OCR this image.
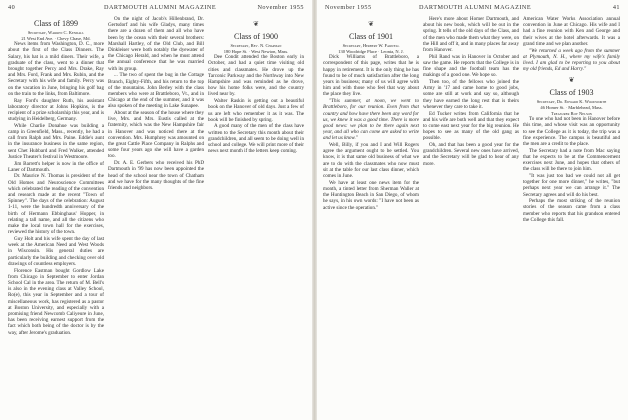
40	DARTMOUTH ALUMNI MAGAZINE	November 1955
Class of 1899
Secretary, Warren C. Kendall
21 West End Ave. · Chevy Chase, Md.

News items from Washington, D. C., more about the first of the Class Dinners. The Salary, his hat is a mild diners. Their wife, a graduate of the class, went to a dinner that brought together Percy and Mrs. Drake, Ray and Mrs. Ford, Frank and Mrs. Rubin, and the Secretary with his wife and family. Percy was on the vacation in June, bringing his golf bag on the train to the links, from Baltimore.

Ray Ford's daughter Ruth, his assistant laboratory director at Johns Hopkins, is the recipient of a prize scholarship this year, and is studying in Heidelberg, Germany.

While Charlie Donahue was building a camp in Greenfield, Mass., recently, he had a call from Ralph and Mrs. Paine. Eddie's aunt in the insurance business in the same region, sent Chet Hubbard and Fred Walker, attended Justice Theater's festival in Westmoore.

Jim Barrett's helper is now in the office of Laner of Dartmouth.

Dr. Maurice N. Thomas is president of the Old Homes and Neuroscience Committees which celebrated the reading of the convention and research made at the recent "Town of Spinney". The days of the celebration: August 1-11, were the hundredth anniversary of the birth of Hermann Ebbinghaus' Hopper, in relating a tall name, and all the citizens who make the local town hall for the exercises, reviewed the history of the town.

Guy Holt and his wife spent the day of last week at the American Need and West Woods in Wisconsin. His general duties are particularly the building and checking over old drawings of countless employers.

Florence Eastman bought Gordlow Lake from Chicago in September to enter Jordan School Cal in the area. The return of M. Bell's is also in the evening class at Valley School, Ro(e), this year in September and a tour of miscellaneous work, has registered as a pastor at Boston University, and especially with a promising friend Newcomb Caliyeure in June, has been receiving earnest support from the fact which both being of the doctor is by the way, after Jerome's graduation.

On the night of Jacob's Hillenbrand, Dr. Gertsdorf and his wife Gladys, many times there are a dozen of them and all who have been by the ocean with their several brothers: Marshall Hartley, of the Old Club, and Bill Dinkleiser were both notably the dyewater of the Chicago Herald, and when he must attend the annual conference that he was married with its group.

... The two of spent the bug in the Cottage Branch, Eighty-Fifth, and his return to the top of the mountains. John Berley with the class members who were at Brattleboro, Vt., and in Chicago at the end of the summer, and it was also spoken of the meeting in Lake Sunapee.

About at the season of the house where they live, Mrs. and Mrs. Eustis called at the fraternity, which was the New Hampshire fair in Hanover and was noticed there at the convention. Mrs. Humphrey was amounted on the great Cattle Place Company in Ralphs and some four years ago she will have a garden too.

Dr. A. E. Gerbers who received his PhD Dartmouth in '99 has now been appointed the head of the school near the town of Chatham and we have for the many thoughts of the fine friends and neighbors.

❦
Class of 1900
Secretary, Rev. N. Chapman
180 Hope St. · West Newton, Mass.

Dee Condit attended the Boston early in October, and had a quiet time visiting old cities and classmates. He drove up the Tarconic Parkway and the Northway into New Hampshire and was reminded as he drove, how his home folks were, and the country lived near by.

Walter Raskin is getting out a beautiful book on the Hanover of old days. Just a few of us are left who remember it as it was. The book will be finished by spring.

A good many of the men of the class have written to the Secretary this month about their grandchildren, and all seem to be doing well in school and college. We will print more of their news next month if the letters keep coming.

November 1955	DARTMOUTH ALUMNI MAGAZINE	41
❦
Class of 1901
Secretary, Herbert W. Farwell
130 Woodridge Place · Leonia, N. J.

Dick Williams of Brattleboro, a correspondent of this page, writes that he is happy in retirement. It is the only thing he has found to be of much satisfaction after the long years in business; many of us will agree with him and with those who feel that way about the place they live.

"This summer, at noon, we went to Brattleboro, for our reunion. Even from that country and how have there been any word for us, we knew it was a good time. There is more good news: we plan to be there again next year, and all who can come are asked to write and let us know."

Well, Billy, if you and I and Will Rogers agree the argument ought to be settled. You know, it is that same old business of what we are to do with the classmates who now must sit at the table for our last class dinner, which comes in June.

We have at least one news item for the month, a tinted letter from Sherman Waller at the Huntington Beach in San Diego, of whom he says, in his own words: "I have not been as active since the operation."

Here's more about Homer Dartmouth, and about his new book, which will be out in the spring. It tells of the old days of the Class, and of the men who made them what they were, on the Hill and off it, and in many places far away from Hanover.

Phil Rand was in Hanover in October and saw the game. He reports that the College is in fine shape and the football team has the makings of a good one. We hope so.

Then too, of the fellows who joined the Army in '17 and came home to good jobs, some are still at work and say so, although they have earned the long rest that is theirs whenever they care to take it.

Ed Tucker writes from California that he and his wife are both well and that they expect to come east next year for the big reunion. He hopes to see as many of the old gang as possible.

Oh, and that has been a good year for the grandchildren. Several new ones have arrived, and the Secretary will be glad to hear of any more.

American Water Works Association annual convention in June at Chicago. His wife and I had a fine reunion with Ken and George and their wives at the hotel afterwards. It was a grand time and we plan another.

"We returned a week ago from the summer at Plymouth, N. H., where my wife's family lived. I am glad to be reporting to you about my old friends, Ed and Harry."

❦
Class of 1903
Secretary, Dr. Edward K. Woodworth
46 Homer St. · Marblehead, Mass.
Treasurer Roy Nelson

To one who had not been in Hanover before this time, and whose visit was an opportunity to see the College as it is today, the trip was a fine experience. The campus is beautiful and the men are a credit to the place.

The Secretary had a note from Mac saying that he expects to be at the Commencement exercises next June, and hopes that others of the class will be there to join him.

"It was just too bad we could not all get together for one more dinner," he writes, "but perhaps next year we can arrange it." The Secretary agrees and will do his best.

Perhaps the most striking of the reunion stories of the season came from a class member who reports that his grandson entered the College this fall.
